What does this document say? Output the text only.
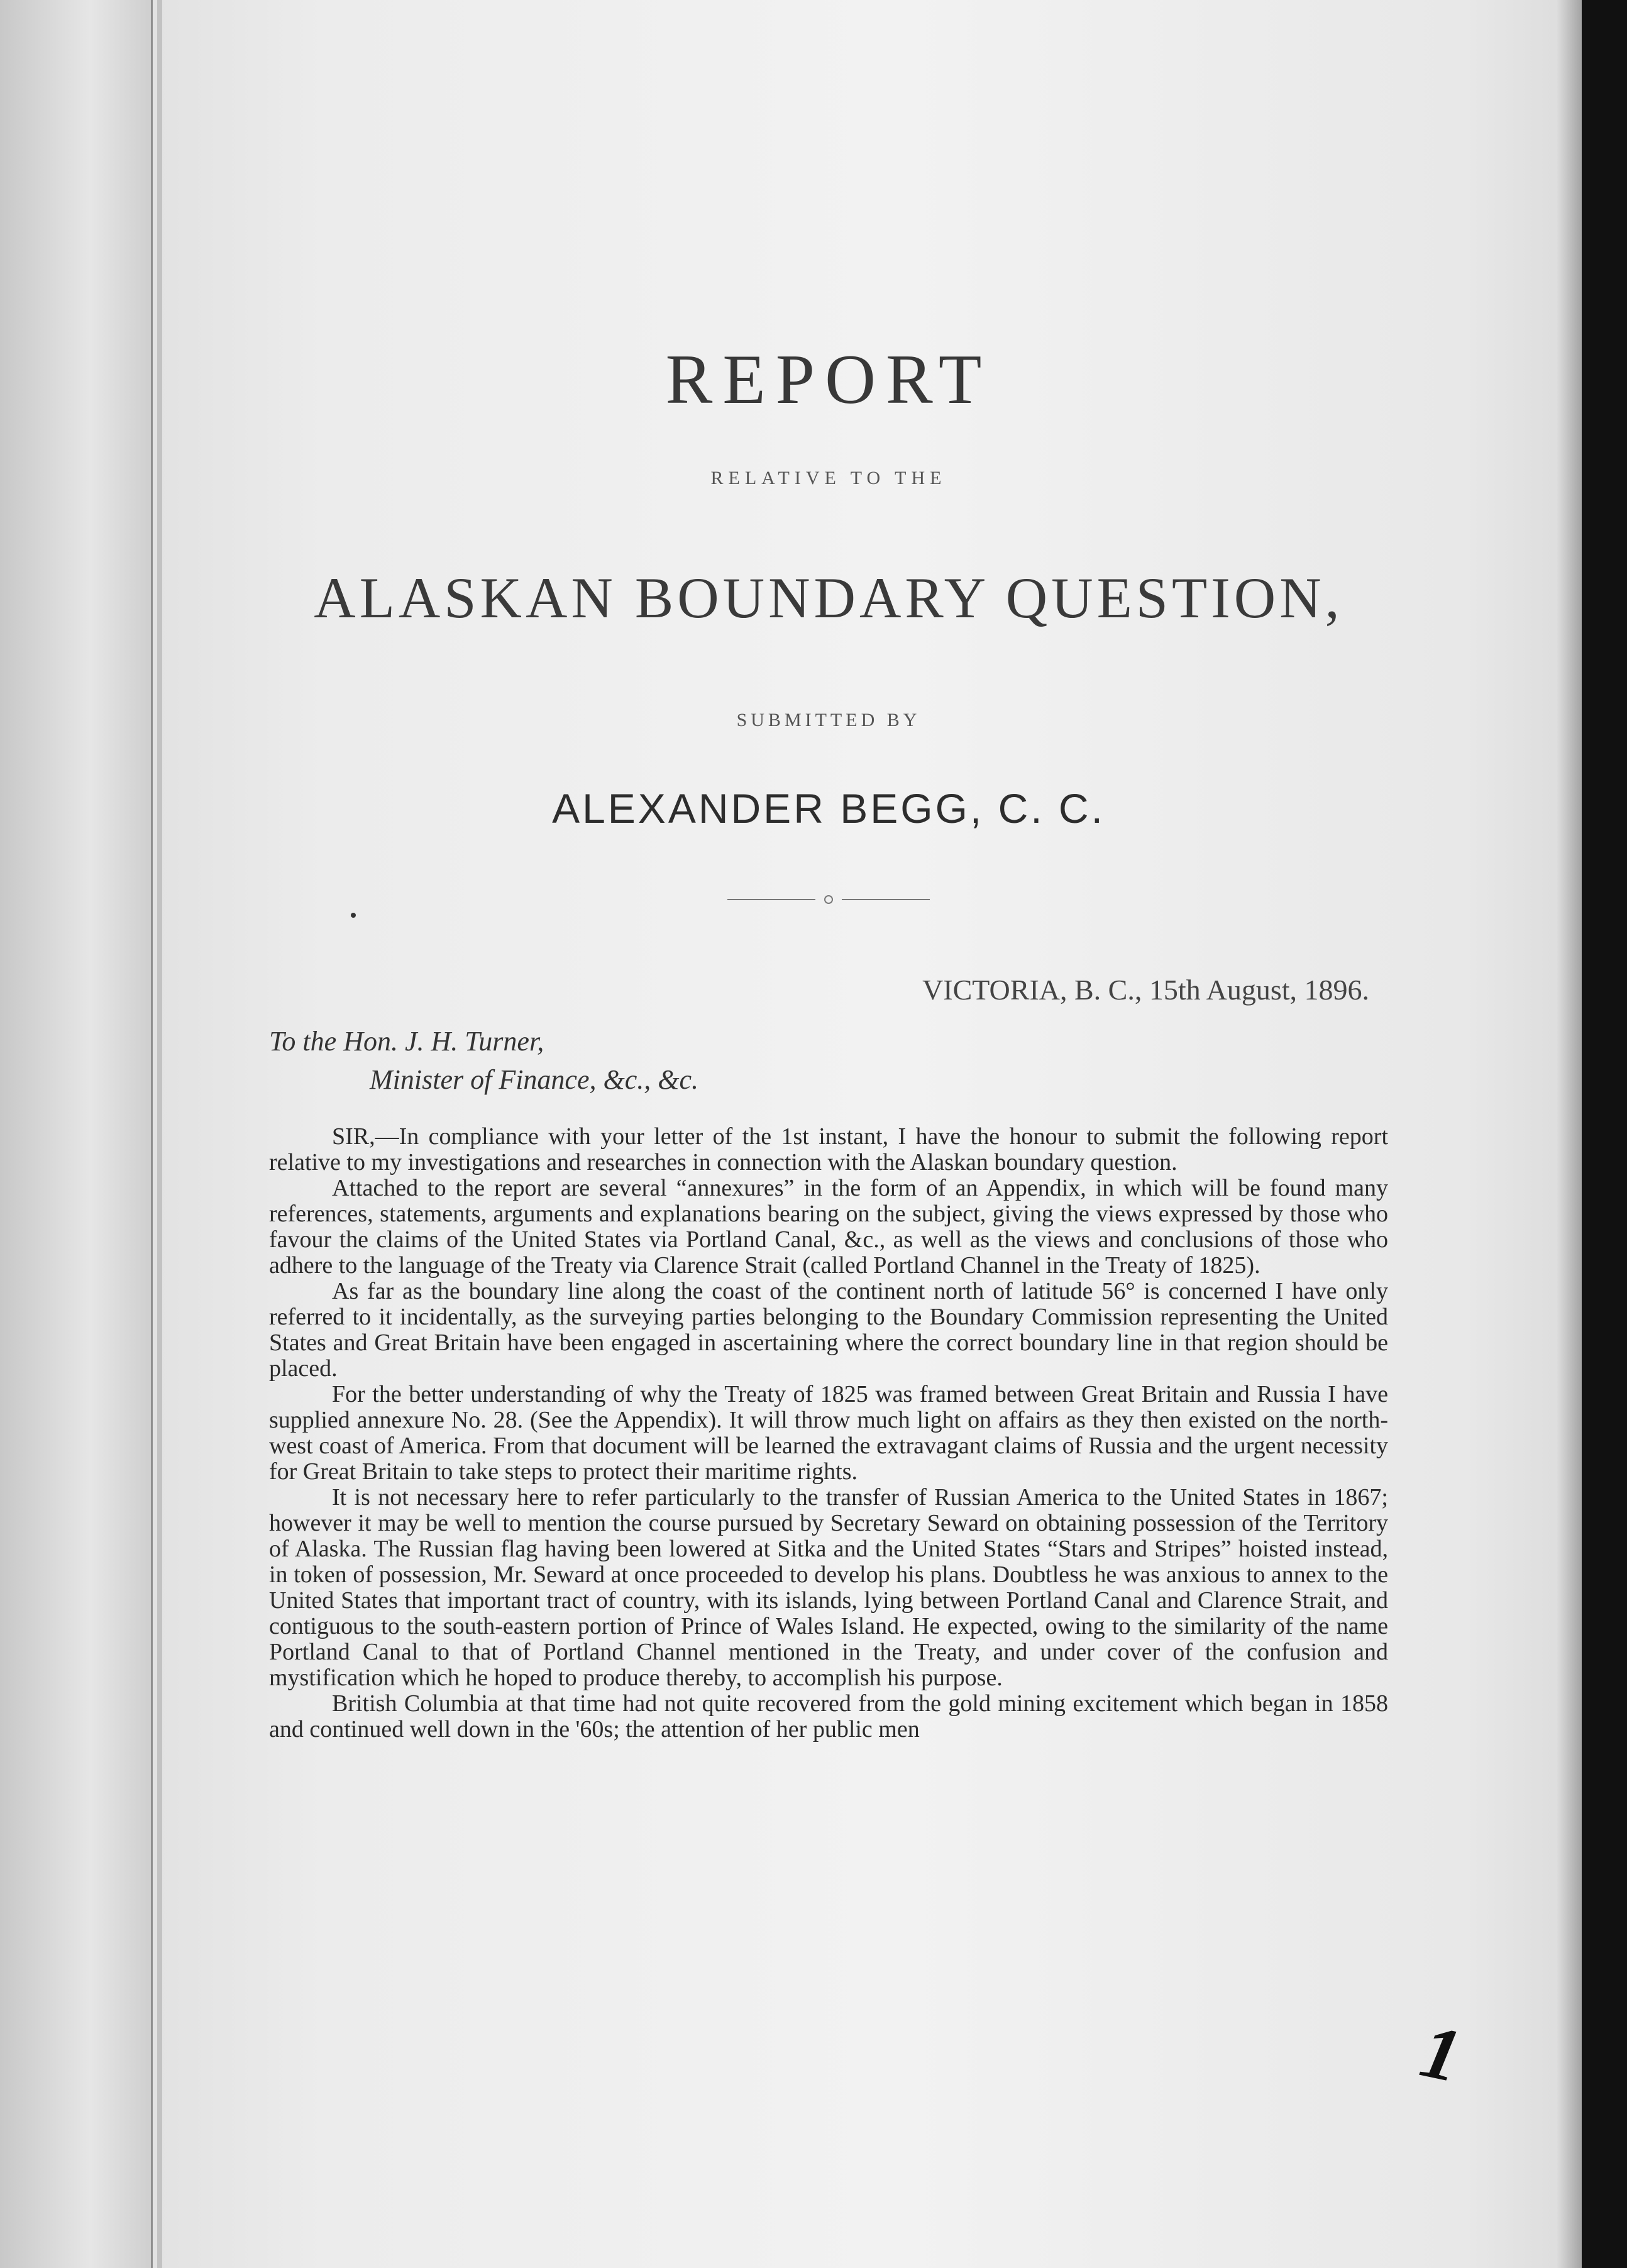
REPORT
RELATIVE TO THE
ALASKAN BOUNDARY QUESTION,
SUBMITTED BY
ALEXANDER BEGG, C. C.
VICTORIA, B. C., 15th August, 1896.
To the Hon. J. H. Turner,
Minister of Finance, &c., &c.

SIR,—In compliance with your letter of the 1st instant, I have the honour to submit the following report relative to my investigations and researches in connection with the Alaskan boundary question.

Attached to the report are several “annexures” in the form of an Appendix, in which will be found many references, statements, arguments and explanations bearing on the subject, giving the views expressed by those who favour the claims of the United States via Portland Canal, &c., as well as the views and conclusions of those who adhere to the language of the Treaty via Clarence Strait (called Portland Channel in the Treaty of 1825).

As far as the boundary line along the coast of the continent north of latitude 56° is concerned I have only referred to it incidentally, as the surveying parties belonging to the Boundary Commission representing the United States and Great Britain have been engaged in ascertaining where the correct boundary line in that region should be placed.

For the better understanding of why the Treaty of 1825 was framed between Great Britain and Russia I have supplied annexure No. 28. (See the Appendix). It will throw much light on affairs as they then existed on the north-west coast of America. From that document will be learned the extravagant claims of Russia and the urgent necessity for Great Britain to take steps to protect their maritime rights.

It is not necessary here to refer particularly to the transfer of Russian America to the United States in 1867; however it may be well to mention the course pursued by Secretary Seward on obtaining possession of the Territory of Alaska. The Russian flag having been lowered at Sitka and the United States “Stars and Stripes” hoisted instead, in token of possession, Mr. Seward at once proceeded to develop his plans. Doubtless he was anxious to annex to the United States that important tract of country, with its islands, lying between Portland Canal and Clarence Strait, and contiguous to the south-eastern portion of Prince of Wales Island. He expected, owing to the similarity of the name Portland Canal to that of Portland Channel mentioned in the Treaty, and under cover of the confusion and mystification which he hoped to produce thereby, to accomplish his purpose.

British Columbia at that time had not quite recovered from the gold mining excitement which began in 1858 and continued well down in the '60s; the attention of her public men

1
